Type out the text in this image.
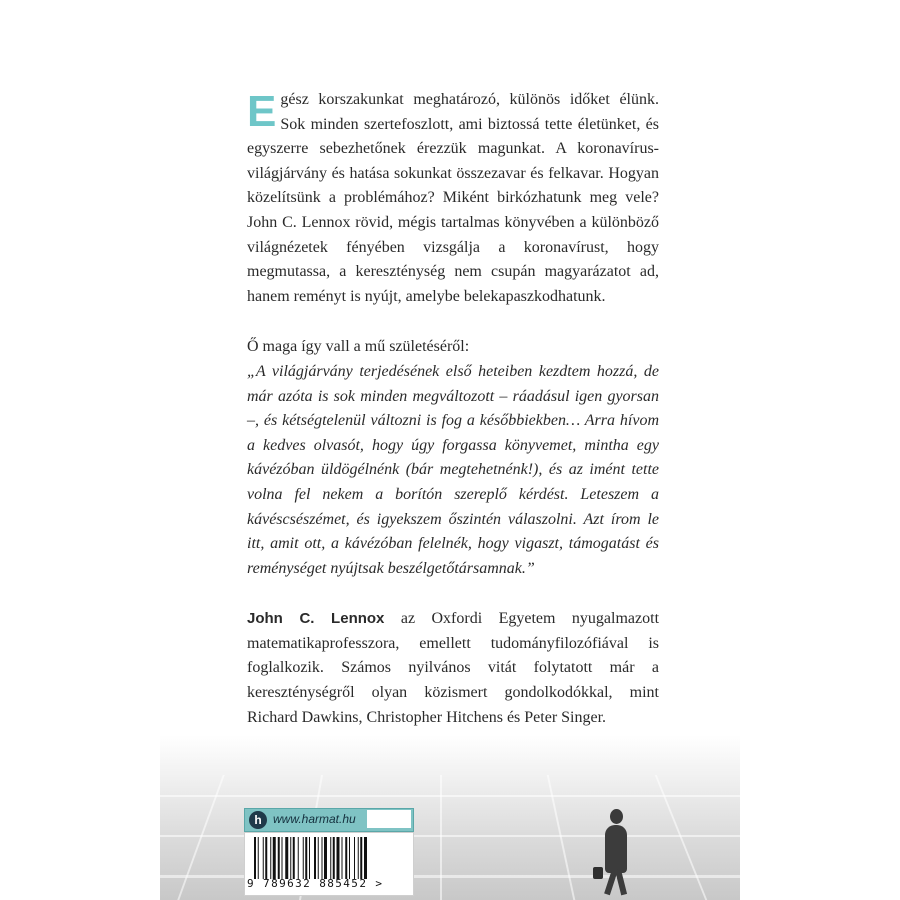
Egész korszakunkat meghatározó, különös időket élünk. Sok minden szertefoszlott, ami biztossá tette életünket, és egyszerre sebezhetőnek érezzük magunkat. A koronavírus-világjárvány és hatása sokunkat összezavar és felkavar. Hogyan közelítsünk a problémához? Miként birkózhatunk meg vele? John C. Lennox rövid, mégis tartalmas könyvében a különböző világnézetek fényében vizsgálja a koronavírust, hogy megmutassa, a kereszténység nem csupán magyarázatot ad, hanem reményt is nyújt, amelybe belekapaszkodhatunk.

Ő maga így vall a mű születéséről:

„A világjárvány terjedésének első heteiben kezdtem hozzá, de már azóta is sok minden megváltozott – ráadásul igen gyorsan –, és kétségtelenül változni is fog a későbbiekben… Arra hívom a kedves olvasót, hogy úgy forgassa könyvemet, mintha egy kávézóban üldögélnénk (bár megtehetnénk!), és az imént tette volna fel nekem a borítón szereplő kérdést. Leteszem a kávéscsészémet, és igyekszem őszintén válaszolni. Azt írom le itt, amit ott, a kávézóban felelnék, hogy vigaszt, támogatást és reménységet nyújtsak beszélgetőtársamnak.”

John C. Lennox az Oxfordi Egyetem nyugalmazott matematikaprofesszora, emellett tudományfilozófiával is foglalkozik. Számos nyilvános vitát folytatott már a kereszténységről olyan közismert gondolkodókkal, mint Richard Dawkins, Christopher Hitchens és Peter Singer.

h www.harmat.hu
9 789632 885452 >
